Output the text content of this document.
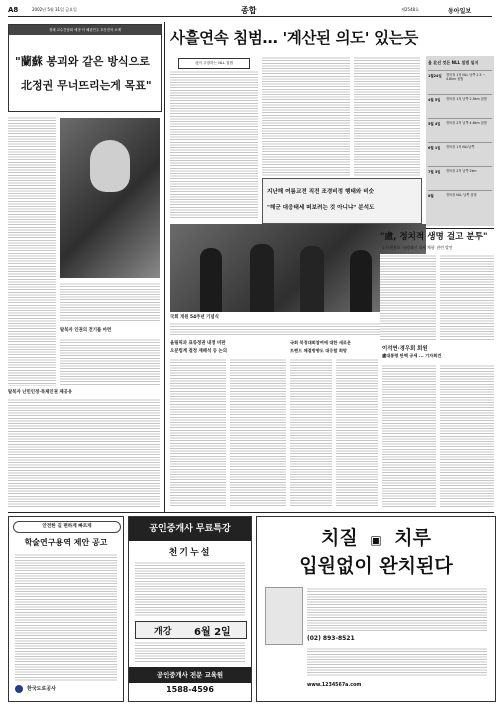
A8	2002년 5월 31일 금요일	종합	제2548호	동아일보
정혜 교수간담회 예정·이 해관민주 호운진의 소제
"蘭蘇 봉괴와 같은 방식으로
北정권 무너뜨리는게 목표"
탈북자 인권의 전기를 마련
탈북자 난민인정·북제인권 제공유
사흘연속 침범… '계산된 의도' 있는듯
北이 주장하는 NLL 침범
지난해 여름교전 직전 조경비정 행태와 비슷
"해군 대응태세 떠보려는 것 아니냐" 분석도
올 北선 엇든 NLL 침범 일지
1월24일	경비정 1척 NLL 남쪽 2.5 ~ 4.8km 침범
4월 5일	경비정 1척 남쪽 2.5km 침범
5월 4일	경비정 2척 남쪽 4.6km 침범
6월 1일	경비정 1척 NLL남쪽
7월 3일	경비정 2척 남쪽 2km
8월	경비정 NLL 남쪽 침범
국회 개원 54주년 기념식
"盧, 정치적 생명 걸고 분투"
노무현홍보 '국정쇄신 과제 체험' 관련 발언
올림픽과 표류정권 내정 비판
오분법계 결정 재해석 등 논의
국회 북경대회참여에 대한 새로운
트렌드 체결방향도 대응할 희망	이석연·경우회 회원
盧대통령 탄핵 공세 ... 기자회견
안전한 길 편하게 빠르게
학술연구용역 제안 공고
한국도로공사
공인중개사 무료특강
천기누설
개강 6월 2일
공인중개사 전문 교육원
1588-4596
치질 ▣ 치루
입원없이 완치된다
(02) 893-8521
www.1234567a.com
